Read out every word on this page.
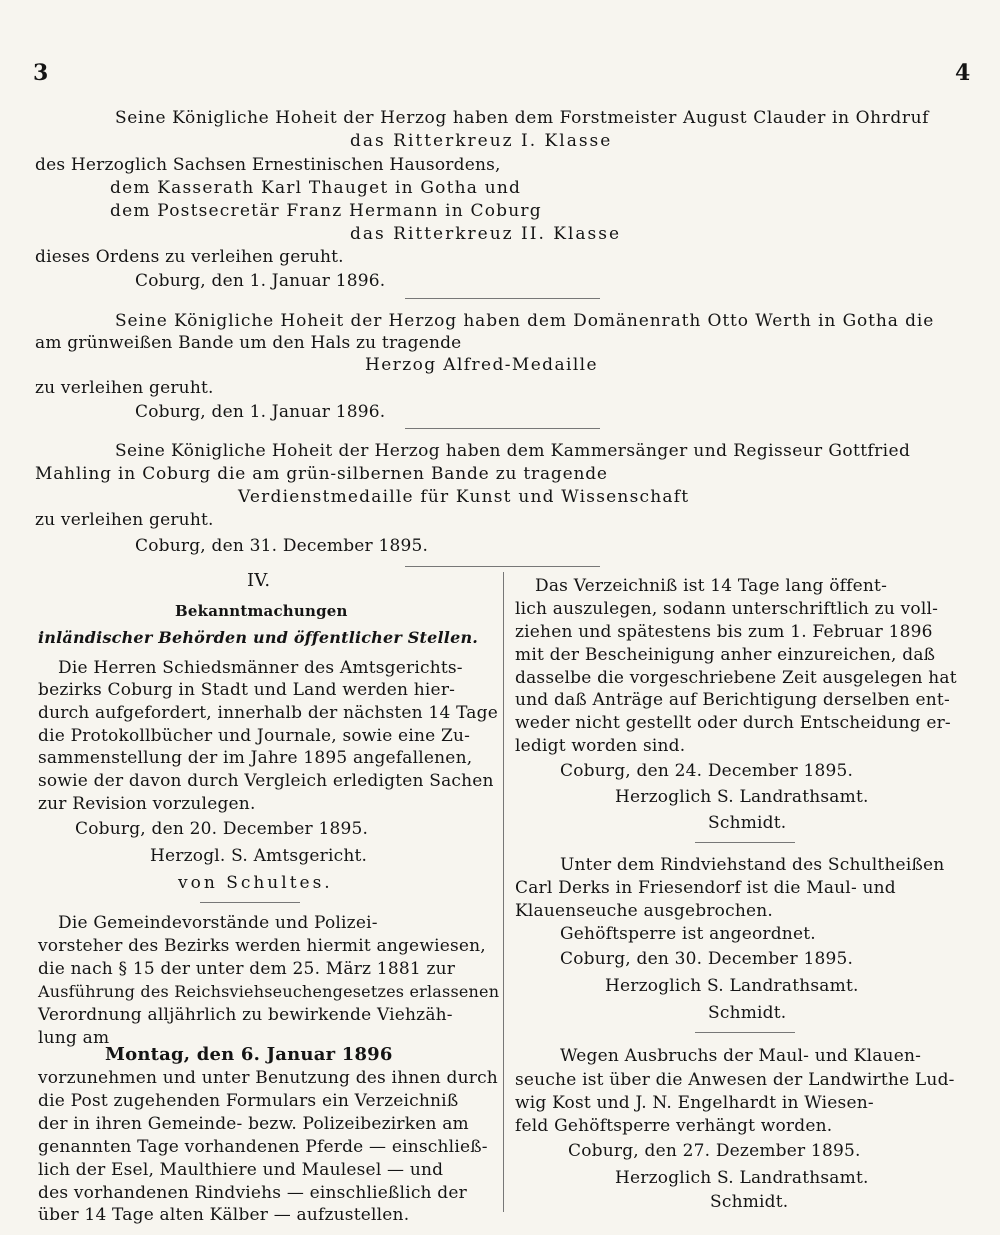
3	4
Seine Königliche Hoheit der Herzog haben dem Forstmeister August Clauder in Ohrdruf
das Ritterkreuz I. Klasse
des Herzoglich Sachsen Ernestinischen Hausordens,
dem Kasserath Karl Thauget in Gotha und
dem Postsecretär Franz Hermann in Coburg
das Ritterkreuz II. Klasse
dieses Ordens zu verleihen geruht.
Coburg, den 1. Januar 1896.
Seine Königliche Hoheit der Herzog haben dem Domänenrath Otto Werth in Gotha die
am grünweißen Bande um den Hals zu tragende
Herzog Alfred-Medaille
zu verleihen geruht.
Coburg, den 1. Januar 1896.
Seine Königliche Hoheit der Herzog haben dem Kammersänger und Regisseur Gottfried
Mahling in Coburg die am grün-silbernen Bande zu tragende
Verdienstmedaille für Kunst und Wissenschaft
zu verleihen geruht.
Coburg, den 31. December 1895.
IV.
Bekanntmachungen
inländischer Behörden und öffentlicher Stellen.
Die Herren Schiedsmänner des Amtsgerichts-
bezirks Coburg in Stadt und Land werden hier-
durch aufgefordert, innerhalb der nächsten 14 Tage
die Protokollbücher und Journale, sowie eine Zu-
sammenstellung der im Jahre 1895 angefallenen,
sowie der davon durch Vergleich erledigten Sachen
zur Revision vorzulegen.
Coburg, den 20. December 1895.
Herzogl. S. Amtsgericht.
von Schultes.
Die Gemeindevorstände und Polizei-
vorsteher des Bezirks werden hiermit angewiesen,
die nach § 15 der unter dem 25. März 1881 zur
Ausführung des Reichsviehseuchengesetzes erlassenen
Verordnung alljährlich zu bewirkende Viehzäh-
lung am
Montag, den 6. Januar 1896
vorzunehmen und unter Benutzung des ihnen durch
die Post zugehenden Formulars ein Verzeichniß
der in ihren Gemeinde- bezw. Polizeibezirken am
genannten Tage vorhandenen Pferde — einschließ-
lich der Esel, Maulthiere und Maulesel — und
des vorhandenen Rindviehs — einschließlich der
über 14 Tage alten Kälber — aufzustellen.
Das Verzeichniß ist 14 Tage lang öffent-
lich auszulegen, sodann unterschriftlich zu voll-
ziehen und spätestens bis zum 1. Februar 1896
mit der Bescheinigung anher einzureichen, daß
dasselbe die vorgeschriebene Zeit ausgelegen hat
und daß Anträge auf Berichtigung derselben ent-
weder nicht gestellt oder durch Entscheidung er-
ledigt worden sind.
Coburg, den 24. December 1895.
Herzoglich S. Landrathsamt.
Schmidt.
Unter dem Rindviehstand des Schultheißen
Carl Derks in Friesendorf ist die Maul- und
Klauenseuche ausgebrochen.
Gehöftsperre ist angeordnet.
Coburg, den 30. December 1895.
Herzoglich S. Landrathsamt.
Schmidt.
Wegen Ausbruchs der Maul- und Klauen-
seuche ist über die Anwesen der Landwirthe Lud-
wig Kost und J. N. Engelhardt in Wiesen-
feld Gehöftsperre verhängt worden.
Coburg, den 27. Dezember 1895.
Herzoglich S. Landrathsamt.
Schmidt.
